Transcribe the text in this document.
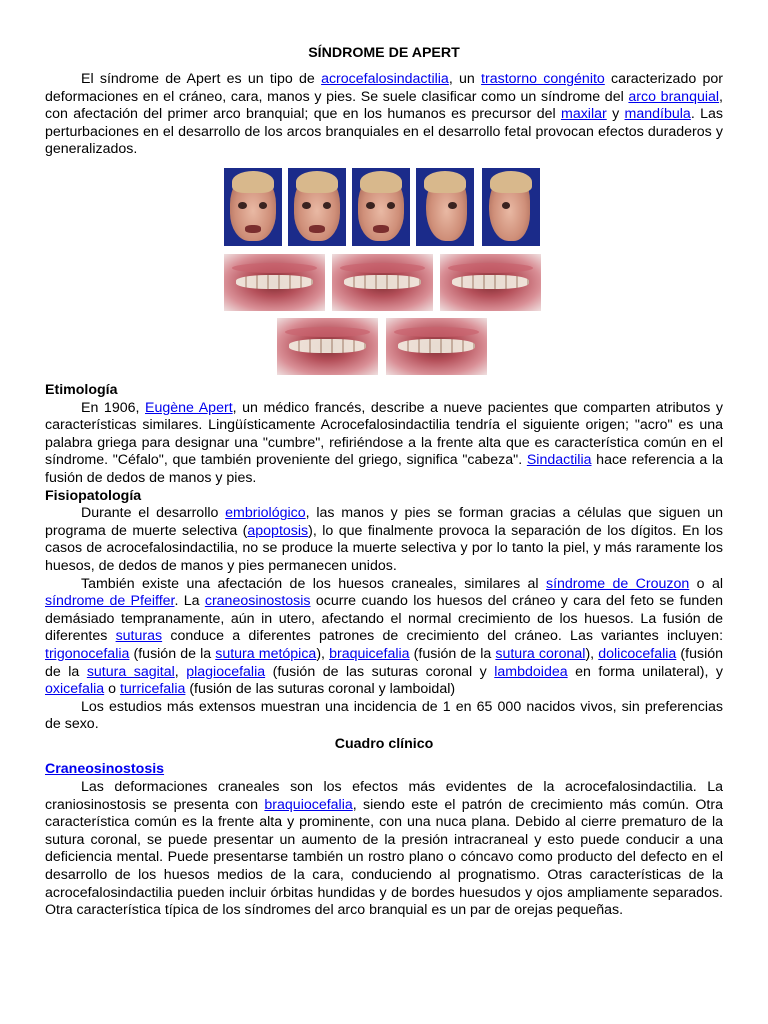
SÍNDROME DE APERT

El síndrome de Apert es un tipo de acrocefalosindactilia, un trastorno congénito caracterizado por deformaciones en el cráneo, cara, manos y pies. Se suele clasificar como un síndrome del arco branquial, con afectación del primer arco branquial; que en los humanos es precursor del maxilar y mandíbula. Las perturbaciones en el desarrollo de los arcos branquiales en el desarrollo fetal provocan efectos duraderos y generalizados.

Etimología

En 1906, Eugène Apert, un médico francés, describe a nueve pacientes que comparten atributos y características similares. Lingüísticamente Acrocefalosindactilia tendría el siguiente origen; "acro" es una palabra griega para designar una "cumbre", refiriéndose a la frente alta que es característica común en el síndrome. "Céfalo", que también proveniente del griego, significa "cabeza". Sindactilia hace referencia a la fusión de dedos de manos y pies.

Fisiopatología

Durante el desarrollo embriológico, las manos y pies se forman gracias a células que siguen un programa de muerte selectiva (apoptosis), lo que finalmente provoca la separación de los dígitos. En los casos de acrocefalosindactilia, no se produce la muerte selectiva y por lo tanto la piel, y más raramente los huesos, de dedos de manos y pies permanecen unidos.

También existe una afectación de los huesos craneales, similares al síndrome de Crouzon o al síndrome de Pfeiffer. La craneosinostosis ocurre cuando los huesos del cráneo y cara del feto se funden demásiado tempranamente, aún in utero, afectando el normal crecimiento de los huesos. La fusión de diferentes suturas conduce a diferentes patrones de crecimiento del cráneo. Las variantes incluyen: trigonocefalia (fusión de la sutura metópica), braquicefalia (fusión de la sutura coronal), dolicocefalia (fusión de la sutura sagital, plagiocefalia (fusión de las suturas coronal y lambdoidea en forma unilateral), y oxicefalia o turricefalia (fusión de las suturas coronal y lamboidal)

Los estudios más extensos muestran una incidencia de 1 en 65 000 nacidos vivos, sin preferencias de sexo.

Cuadro clínico
Craneosinostosis

Las deformaciones craneales son los efectos más evidentes de la acrocefalosindactilia. La craniosinostosis se presenta con braquiocefalia, siendo este el patrón de crecimiento más común. Otra característica común es la frente alta y prominente, con una nuca plana. Debido al cierre prematuro de la sutura coronal, se puede presentar un aumento de la presión intracraneal y esto puede conducir a una deficiencia mental. Puede presentarse también un rostro plano o cóncavo como producto del defecto en el desarrollo de los huesos medios de la cara, conduciendo al prognatismo. Otras características de la acrocefalosindactilia pueden incluir órbitas hundidas y de bordes huesudos y ojos ampliamente separados. Otra característica típica de los síndromes del arco branquial es un par de orejas pequeñas.
